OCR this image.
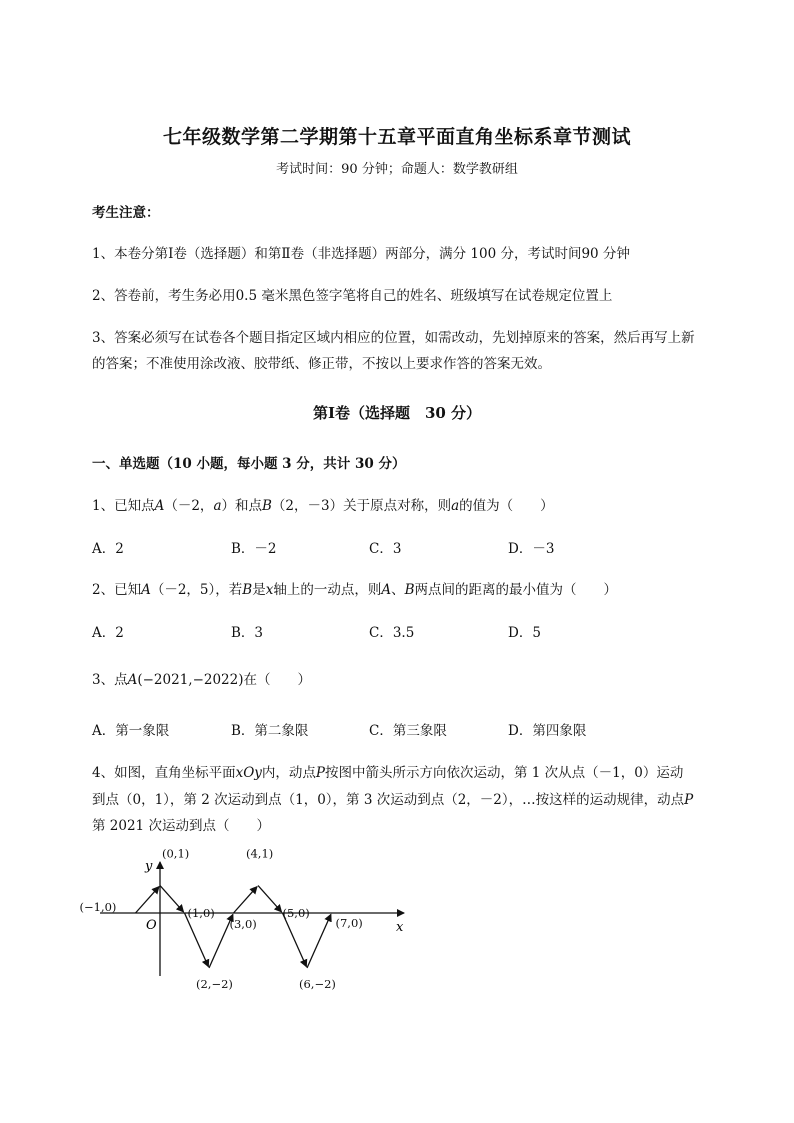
七年级数学第二学期第十五章平面直角坐标系章节测试
考试时间：90 分钟；命题人：数学教研组
考生注意：
1、本卷分第Ⅰ卷（选择题）和第Ⅱ卷（非选择题）两部分，满分 100 分，考试时间90 分钟
2、答卷前，考生务必用0.5 毫米黑色签字笔将自己的姓名、班级填写在试卷规定位置上
3、答案必须写在试卷各个题目指定区域内相应的位置，如需改动，先划掉原来的答案，然后再写上新
的答案；不准使用涂改液、胶带纸、修正带，不按以上要求作答的答案无效。
第Ⅰ卷（选择题　30 分）
一、单选题（10 小题，每小题 3 分，共计 30 分）
1、已知点A（－2，a）和点B（2，－3）关于原点对称，则a的值为（　　）
A．2	B．－2	C．3	D．－3
2、已知A（－2，5），若B是x轴上的一动点，则A、B两点间的距离的最小值为（　　）
A．2	B．3	C．3.5	D．5
3、点A(−2021,−2022)在（　　）
A．第一象限	B．第二象限	C．第三象限	D．第四象限
4、如图，直角坐标平面xOy内，动点P按图中箭头所示方向依次运动，第 1 次从点（－1，0）运动
到点（0，1），第 2 次运动到点（1，0），第 3 次运动到点（2，－2），…按这样的运动规律，动点P
第 2021 次运动到点（　　）
x
y
O
(−1,0)
(0,1)
(1,0)
(2,−2)
(3,0)
(4,1)
(5,0)
(6,−2)
(7,0)
